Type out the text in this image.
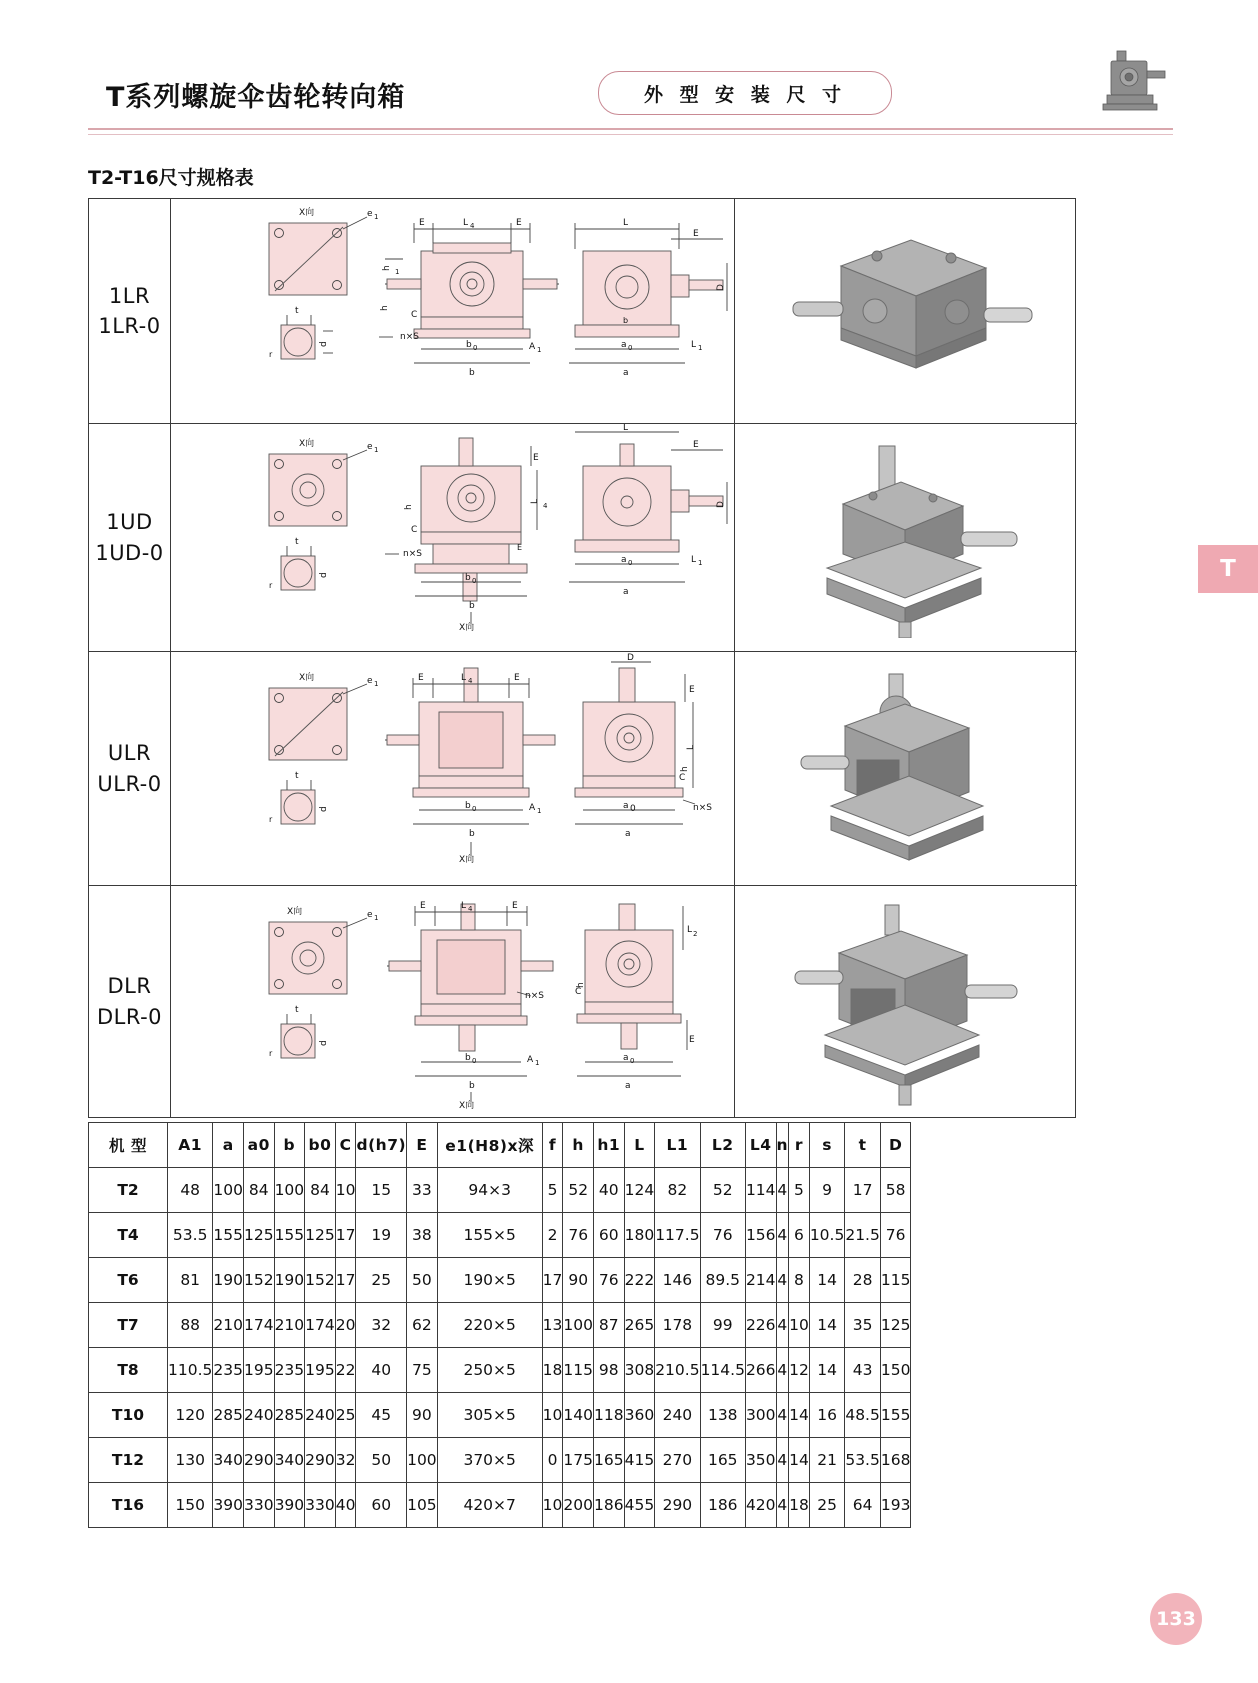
T系列螺旋伞齿轮转向箱	外 型 安 装 尺 寸
T2-T16尺寸规格表
T
1LR
1LR-0
X向	e 1
t
d
r
E	L 4	E
b 0
b
h 1
h
C
n×S
A 1
L
E
D
a 0
a
L 1
b
1UD
1UD-0
X向	e 1
t
d
r
E
L
4
C
n×S
h
b 0
b
X向
L
E
D
a 0
a
L 1
E
ULR
ULR-0
X向	e 1
t
d
r
E	L 4	E
b 0
b
A 1
X向
D
E
L
C
h
a 0
a
n×S
DLR
DLR-0
X向	e 1
t
d
r
E	L 4	E
b 0
b
A 1
X向
n×S
L 2
C
h
a 0
a
E
机 型	A1	a	a0	b	b0	C	d(h7)	E	e1(H8)x深	f	h	h1	L	L1	L2	L4	n	r	s	t	D
T2	48	100	84	100	84	10	15	33	94×3	5	52	40	124	82	52	114	4	5	9	17	58
T4	53.5	155	125	155	125	17	19	38	155×5	2	76	60	180	117.5	76	156	4	6	10.5	21.5	76
T6	81	190	152	190	152	17	25	50	190×5	17	90	76	222	146	89.5	214	4	8	14	28	115
T7	88	210	174	210	174	20	32	62	220×5	13	100	87	265	178	99	226	4	10	14	35	125
T8	110.5	235	195	235	195	22	40	75	250×5	18	115	98	308	210.5	114.5	266	4	12	14	43	150
T10	120	285	240	285	240	25	45	90	305×5	10	140	118	360	240	138	300	4	14	16	48.5	155
T12	130	340	290	340	290	32	50	100	370×5	0	175	165	415	270	165	350	4	14	21	53.5	168
T16	150	390	330	390	330	40	60	105	420×7	10	200	186	455	290	186	420	4	18	25	64	193
133
